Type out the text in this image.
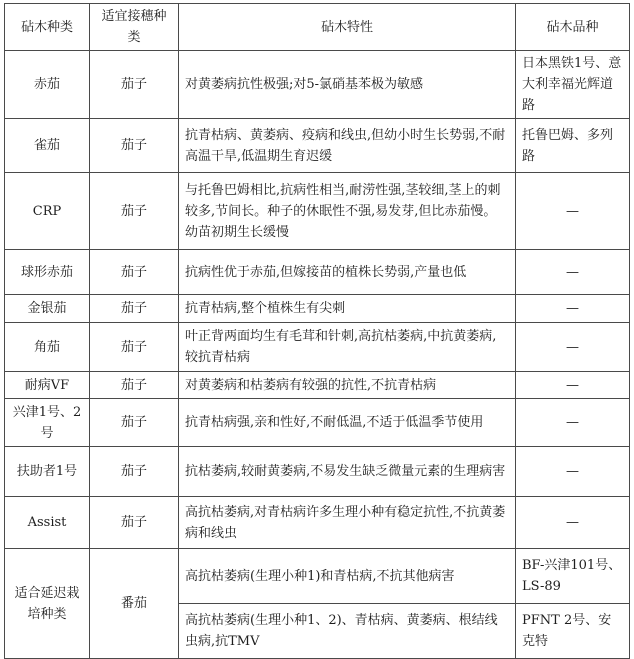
砧木种类	适宜接穗种类	砧木特性	砧木品种
赤茄	茄子	对黄萎病抗性极强;对5-氯硝基苯极为敏感	日本黑铁1号、意大利幸福光辉道路
雀茄	茄子	抗青枯病、黄萎病、疫病和线虫,但幼小时生长势弱,不耐高温干旱,低温期生育迟缓	托鲁巴姆、多列路
CRP	茄子	与托鲁巴姆相比,抗病性相当,耐涝性强,茎较细,茎上的刺较多,节间长。种子的休眠性不强,易发芽,但比赤茄慢。幼苗初期生长缓慢	—
球形赤茄	茄子	抗病性优于赤茄,但嫁接苗的植株长势弱,产量也低	—
金银茄	茄子	抗青枯病,整个植株生有尖刺	—
角茄	茄子	叶正背两面均生有毛茸和针刺,高抗枯萎病,中抗黄萎病,较抗青枯病	—
耐病VF	茄子	对黄萎病和枯萎病有较强的抗性,不抗青枯病	—
兴津1号、2号	茄子	抗青枯病强,亲和性好,不耐低温,不适于低温季节使用	—
扶助者1号	茄子	抗枯萎病,较耐黄萎病,不易发生缺乏微量元素的生理病害	—
Assist	茄子	高抗枯萎病,对青枯病许多生理小种有稳定抗性,不抗黄萎病和线虫	—
适合延迟栽培种类	番茄	高抗枯萎病(生理小种1)和青枯病,不抗其他病害	BF-兴津101号、LS-89
		高抗枯萎病(生理小种1、2)、青枯病、黄萎病、根结线虫病,抗TMV	PFNT 2号、安克特
